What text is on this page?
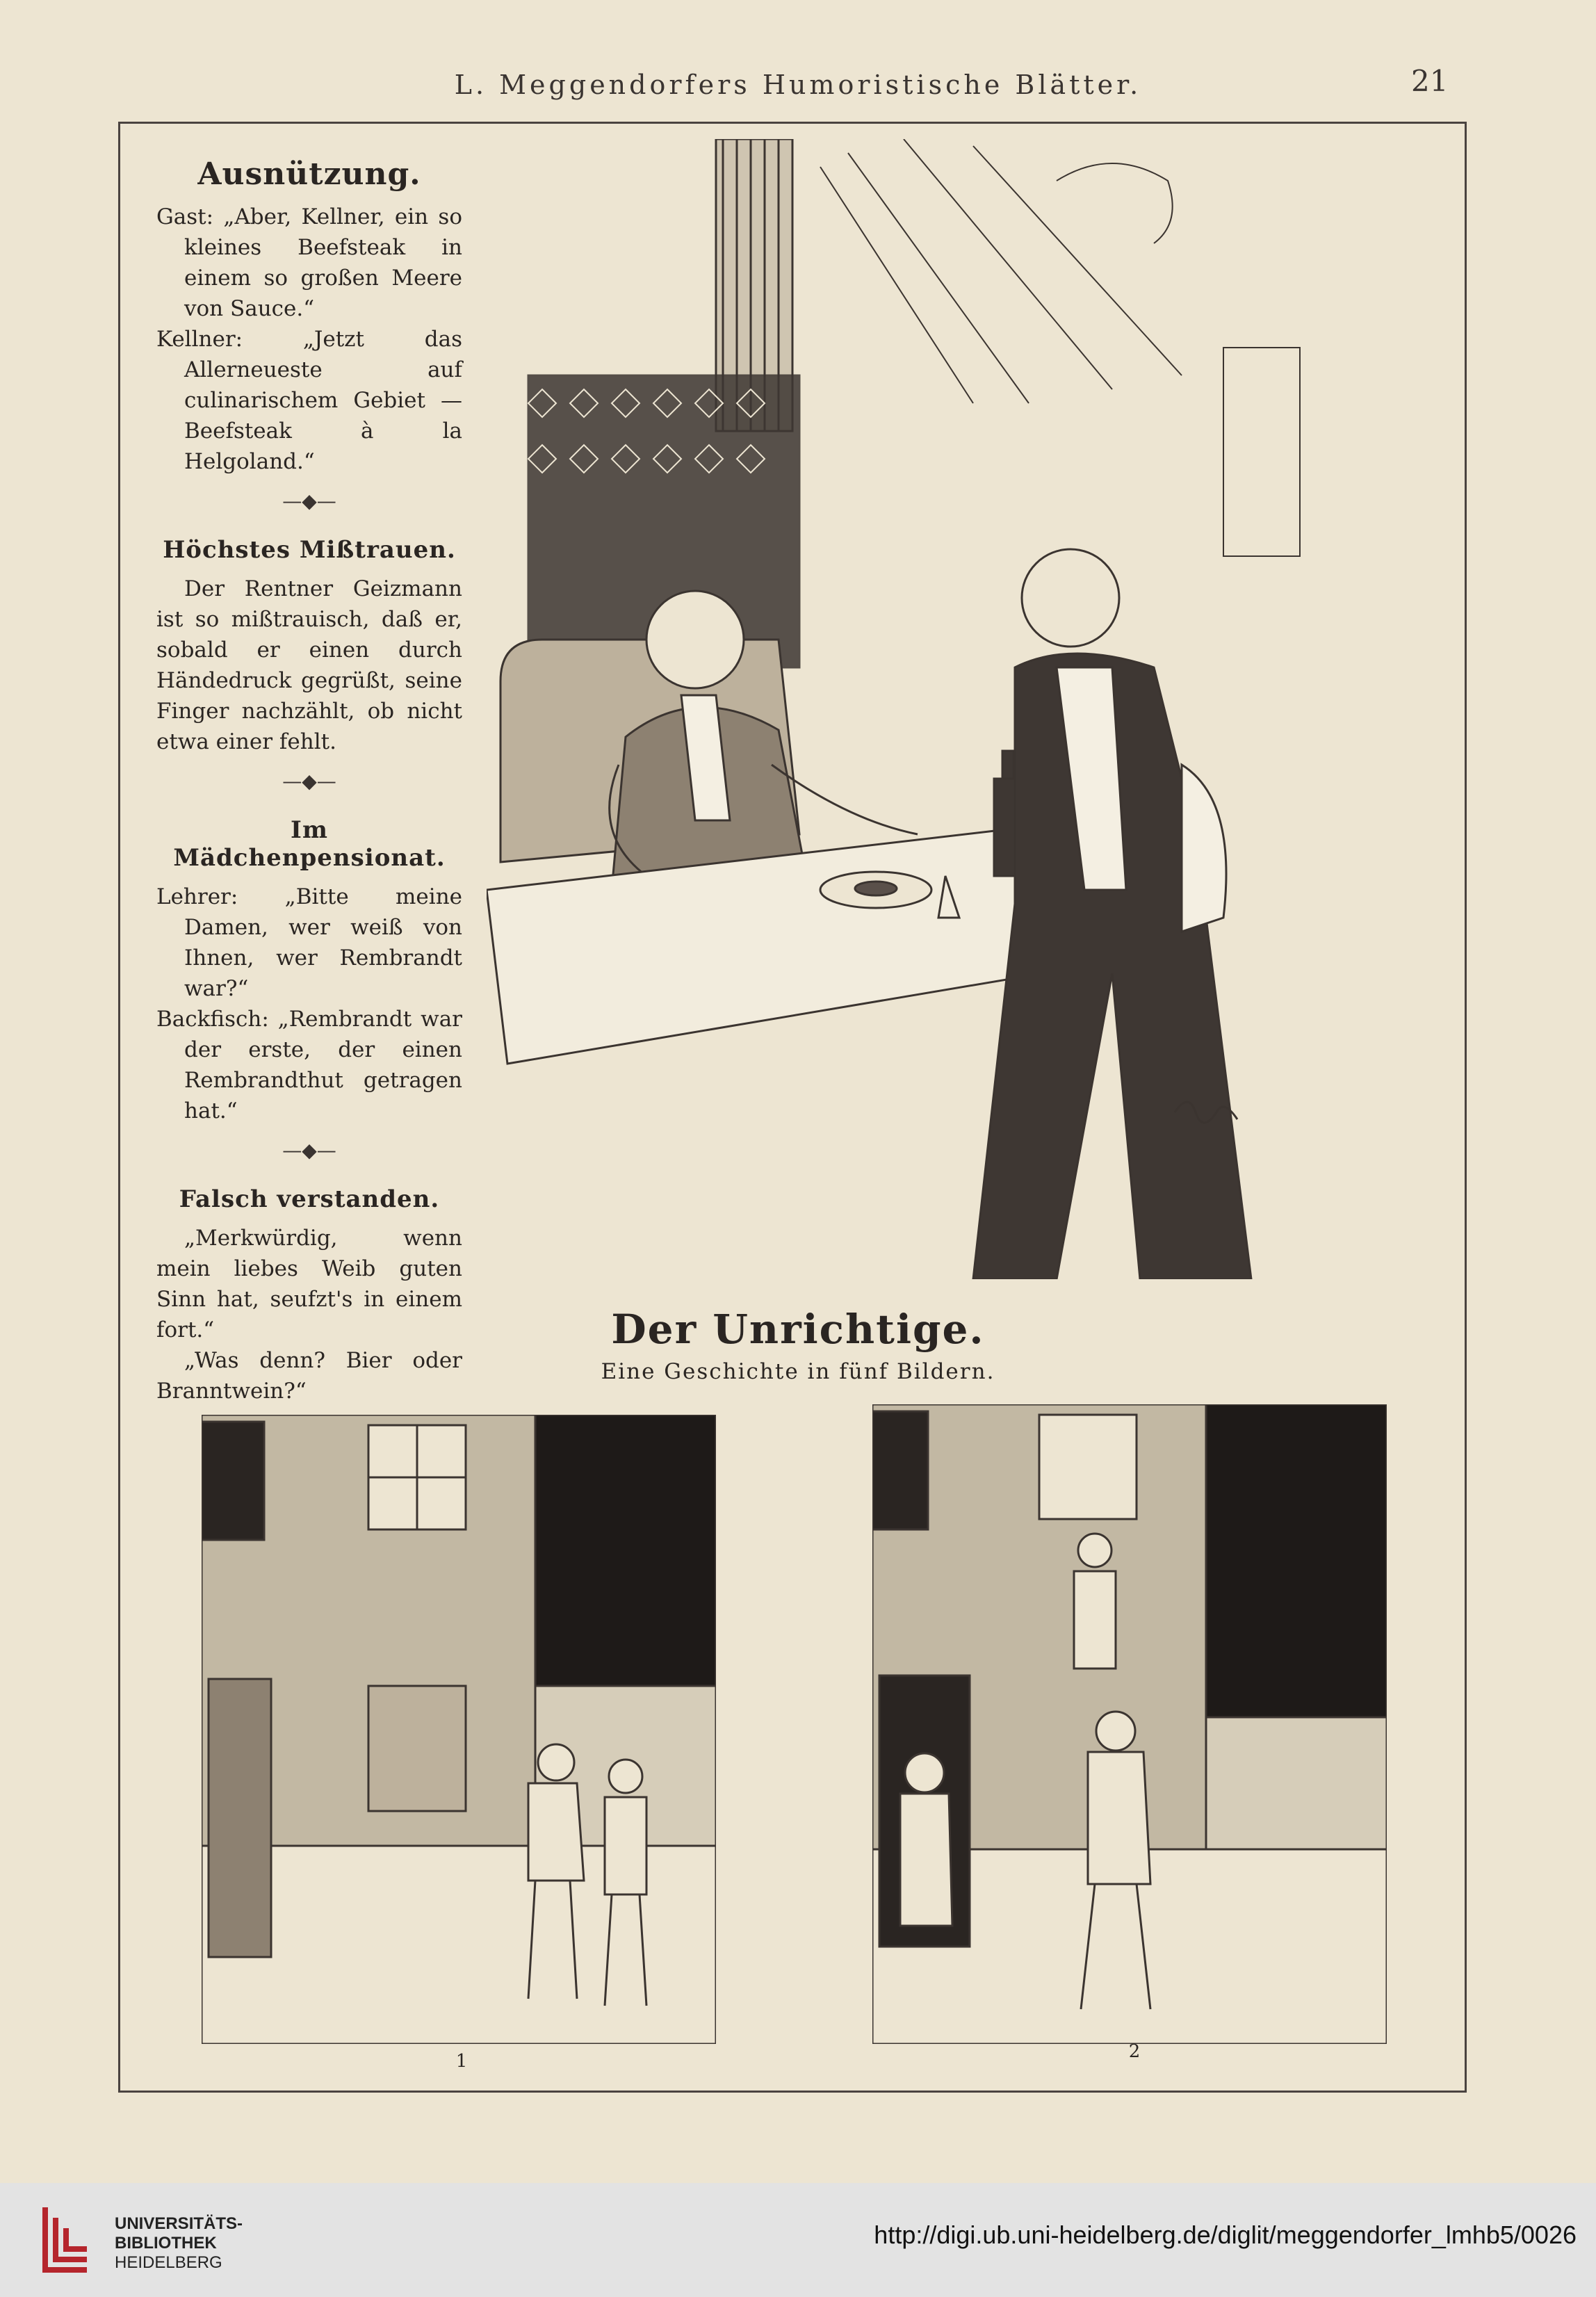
L. Meggendorfers Humoristische Blätter.	21
Ausnützung.

Gast: „Aber, Kellner, ein so kleines Beefsteak in einem so großen Meere von Sauce.“

Kellner: „Jetzt das Allerneueste auf culinarischem Gebiet — Beefsteak à la Helgoland.“

—◆—
Höchstes Mißtrauen.

Der Rentner Geizmann ist so mißtrauisch, daß er, sobald er einen durch Händedruck gegrüßt, seine Finger nachzählt, ob nicht etwa einer fehlt.

—◆—
Im Mädchenpensionat.

Lehrer: „Bitte meine Damen, wer weiß von Ihnen, wer Rembrandt war?“

Backfisch: „Rembrandt war der erste, der einen Rembrandthut getragen hat.“

—◆—
Falsch verstanden.

„Merkwürdig, wenn mein liebes Weib guten Sinn hat, seufzt's in einem fort.“

„Was denn? Bier oder Branntwein?“

Der Unrichtige.
Eine Geschichte in fünf Bildern.
1	2
UNIVERSITÄTS-
BIBLIOTHEK
HEIDELBERG
http://digi.ub.uni-heidelberg.de/diglit/meggendorfer_lmhb5/0026
